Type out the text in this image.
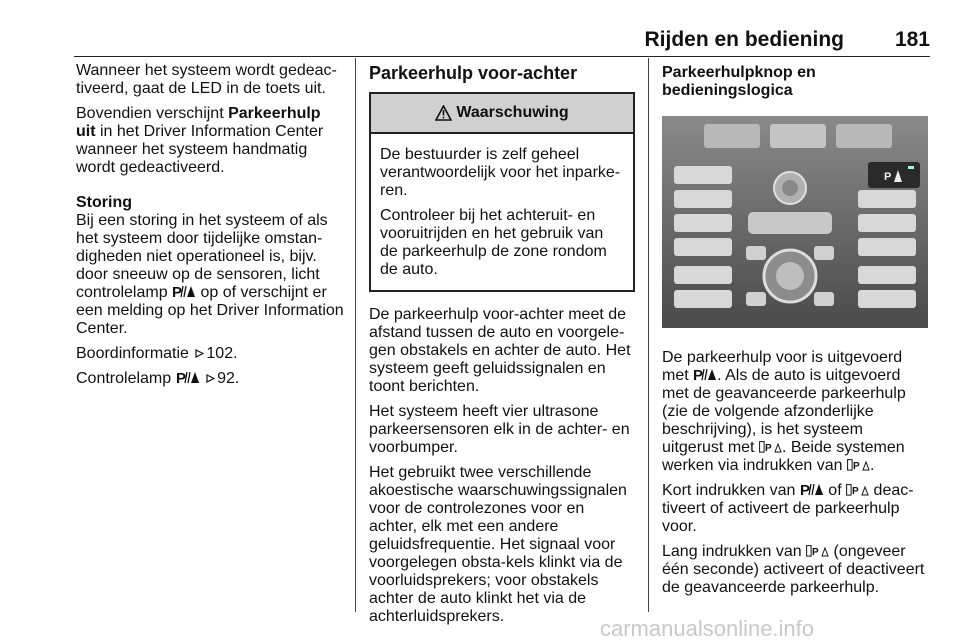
Rijden en bediening 181

Wanneer het systeem wordt gedeac-tiveerd, gaat de LED in de toets uit.

Bovendien verschijnt Parkeerhulp uit in het Driver Information Center wanneer het systeem handmatig wordt gedeactiveerd.

Storing

Bij een storing in het systeem of als het systeem door tijdelijke omstan-digheden niet operationeel is, bijv. door sneeuw op de sensoren, licht controlelamp  op of verschijnt er een melding op het Driver Information Center.

Boordinformatie 102.

Controlelamp	92.

Parkeerhulp voor-achter
Waarschuwing

De bestuurder is zelf geheel verantwoordelijk voor het inparke-ren.

Controleer bij het achteruit- en vooruitrijden en het gebruik van de parkeerhulp de zone rondom de auto.

De parkeerhulp voor-achter meet de afstand tussen de auto en voorgele-gen obstakels en achter de auto. Het systeem geeft geluidssignalen en toont berichten.

Het systeem heeft vier ultrasone parkeersensoren elk in de achter- en voorbumper.

Het gebruikt twee verschillende akoestische waarschuwingssignalen voor de controlezones voor en achter, elk met een andere geluidsfrequentie. Het signaal voor voorgelegen obsta-kels klinkt via de voorluidsprekers; voor obstakels achter de auto klinkt het via de achterluidsprekers.

Parkeerhulpknop en bedieningslogica
P

De parkeerhulp voor is uitgevoerd met . Als de auto is uitgevoerd met de geavanceerde parkeerhulp (zie de volgende afzonderlijke beschrijving), is het systeem uitgerust met . Beide systemen werken via indrukken van .

Kort indrukken van  of  deac-tiveert of activeert de parkeerhulp voor.

Lang indrukken van  (ongeveer één seconde) activeert of deactiveert de geavanceerde parkeerhulp.

carmanualsonline.info
